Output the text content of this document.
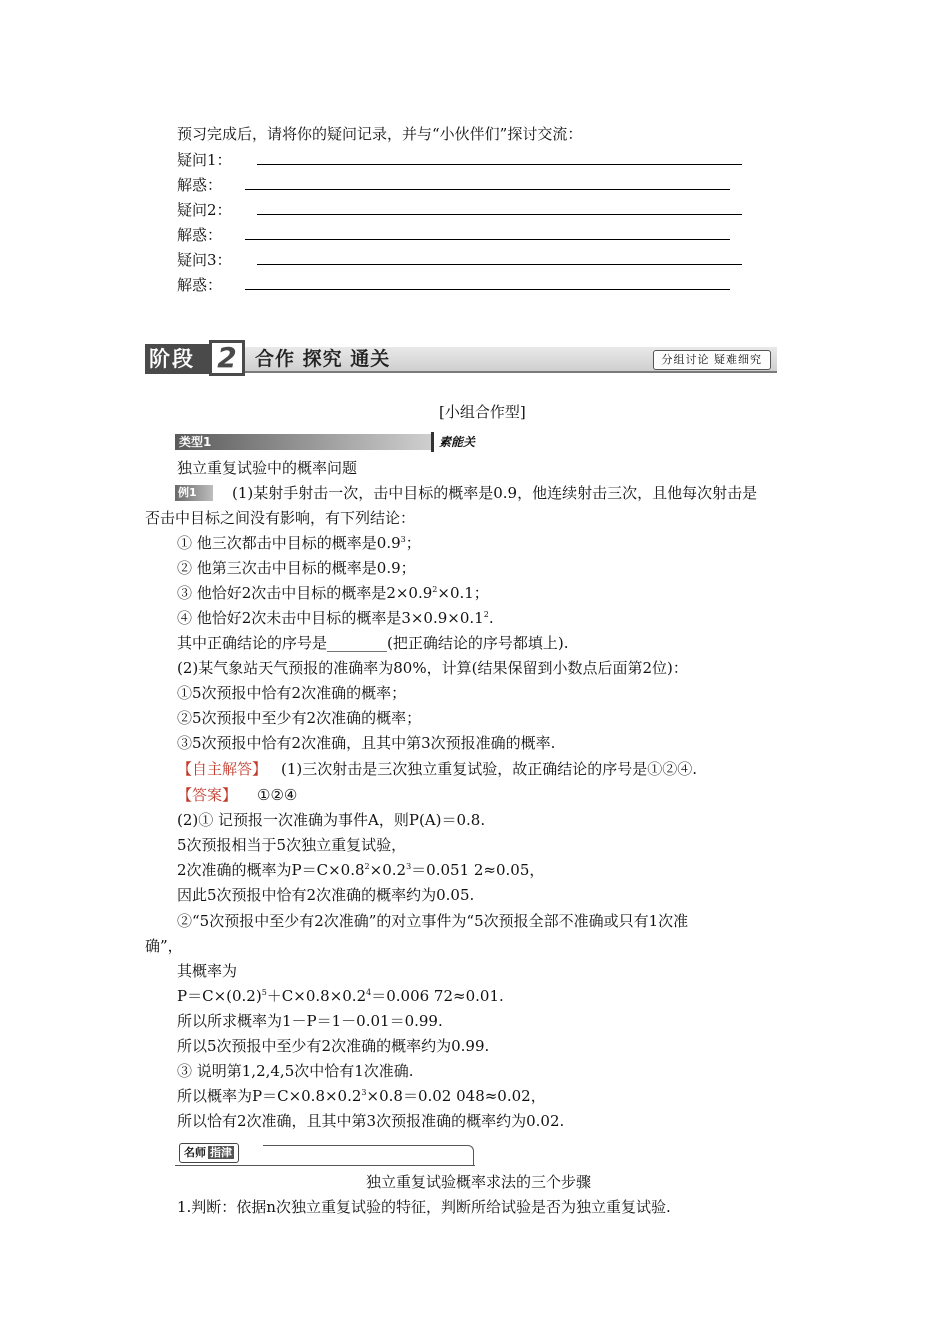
预习完成后，请将你的疑问记录，并与“小伙伴们”探讨交流：
疑问1：
解惑：
疑问2：
解惑：
疑问3：
解惑：
阶段 2 合作 探究 通关	分组讨论 疑难细究
[小组合作型]
类型1	素能关
独立重复试验中的概率问题
例1	(1)某射手射击一次，击中目标的概率是0.9，他连续射击三次，且他每次射击是
否击中目标之间没有影响，有下列结论：
① 他三次都击中目标的概率是$0.9^3$；
② 他第三次击中目标的概率是0.9；
③ 他恰好2次击中目标的概率是$2\times 0.9^2\times 0.1$；
④ 他恰好2次未击中目标的概率是$3\times 0.9\times 0.1^2$.
其中正确结论的序号是________(把正确结论的序号都填上).
(2)某气象站天气预报的准确率为80%，计算(结果保留到小数点后面第2位)：
①5次预报中恰有2次准确的概率；
②5次预报中至少有2次准确的概率；
③5次预报中恰有2次准确，且其中第3次预报准确的概率.
【自主解答】 (1)三次射击是三次独立重复试验，故正确结论的序号是①②④.
【答案】 ①②④
(2)① 记预报一次准确为事件A，则P(A)＝0.8.
5次预报相当于5次独立重复试验，
2次准确的概率为$P=C\times 0.8^2\times 0.2^3=0.051$ 2≈0.05，
因此5次预报中恰有2次准确的概率约为0.05.
②“5次预报中至少有2次准确”的对立事件为“5次预报全部不准确或只有1次准
确”，
其概率为
$P=C\times(0.2)^5+C\times 0.8\times 0.2^4=0.006$ 72≈0.01.
所以所求概率为1－P＝1－0.01＝0.99.
所以5次预报中至少有2次准确的概率约为0.99.
③ 说明第1,2,4,5次中恰有1次准确.
所以概率为$P=C\times 0.8\times 0.2^3\times 0.8=0.02$ 048≈0.02，
所以恰有2次准确，且其中第3次预报准确的概率约为0.02.
名师 指津
独立重复试验概率求法的三个步骤
1.判断：依据n次独立重复试验的特征，判断所给试验是否为独立重复试验.
